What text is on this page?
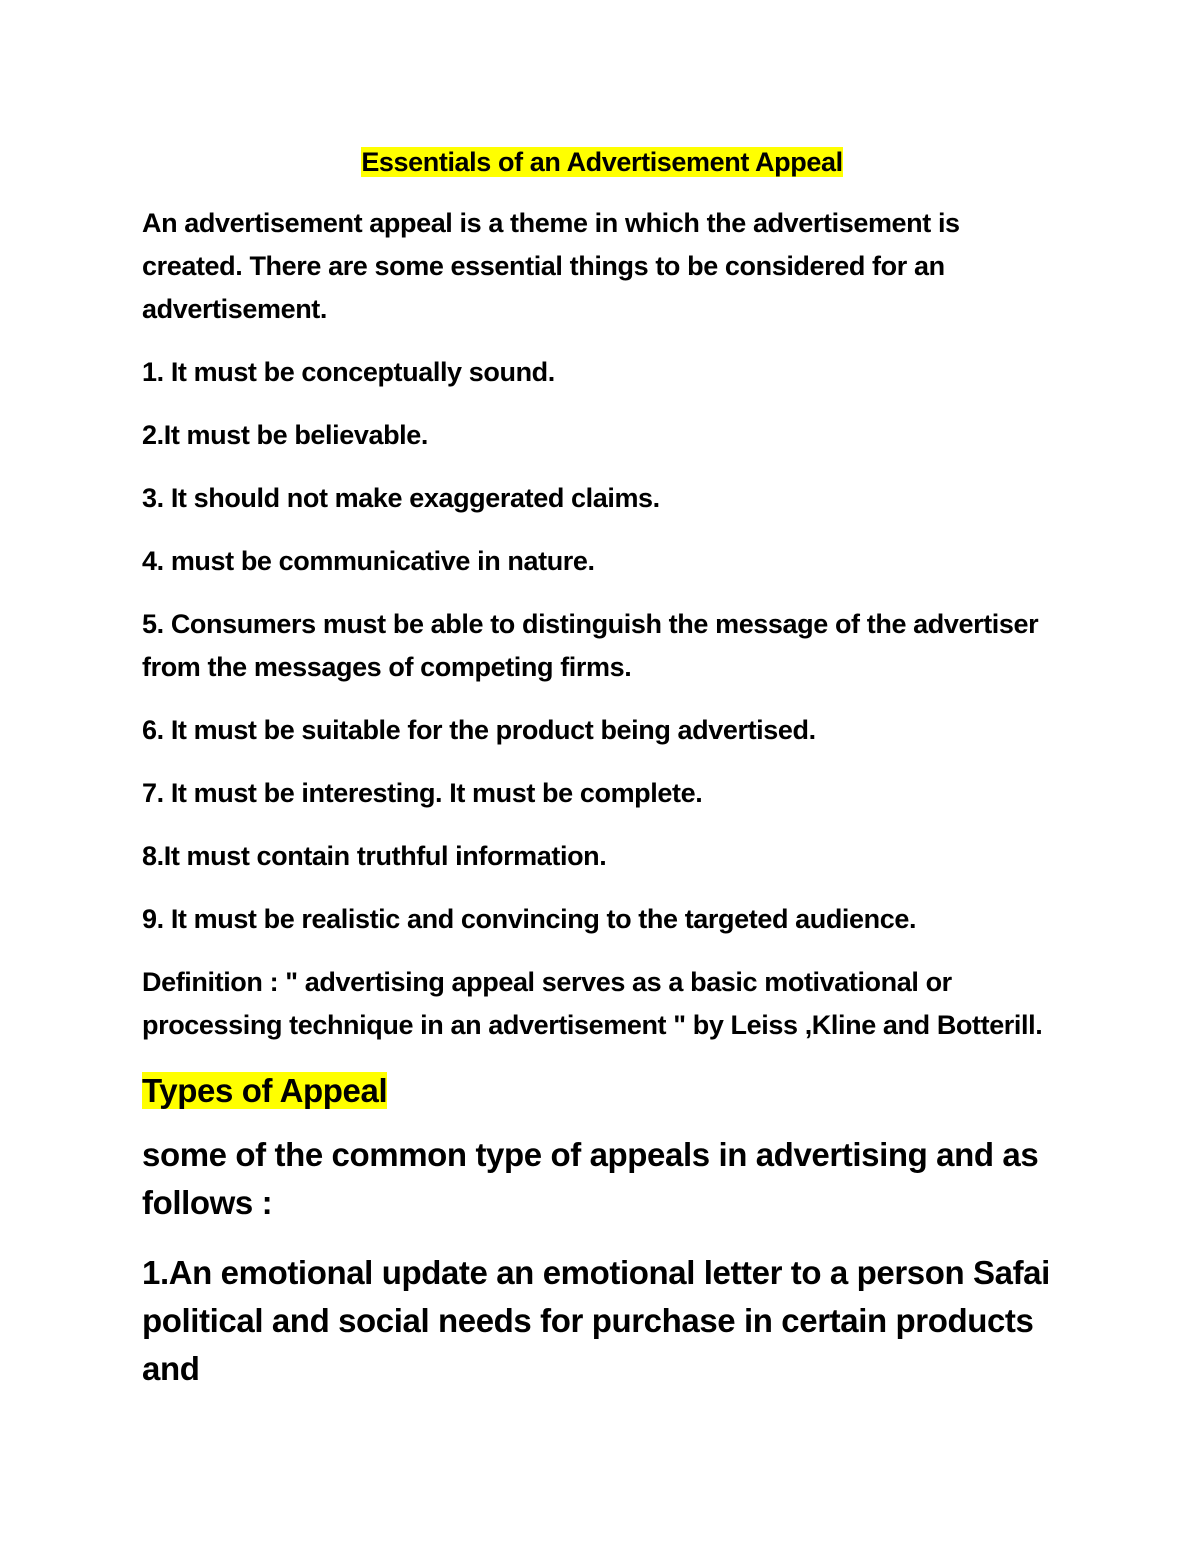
Essentials of an Advertisement Appeal

An advertisement appeal is a theme in which the advertisement is created. There are some essential things to be considered for an advertisement.

1. It must be conceptually sound.
2.It must be believable.
3. It should not make exaggerated claims.
4. must be communicative in nature.
5. Consumers must be able to distinguish the message of the advertiser from the messages of competing firms.
6. It must be suitable for the product being advertised.
7. It must be interesting. It must be complete.
8.It must contain truthful information.
9. It must be realistic and convincing to the targeted audience.

Definition : " advertising appeal serves as a basic motivational or processing technique in an advertisement " by Leiss ,Kline and Botterill.

Types of Appeal

some of the common type of appeals in advertising and as follows :

1.An emotional update an emotional letter to a person Safai political and social needs for purchase in certain products and
